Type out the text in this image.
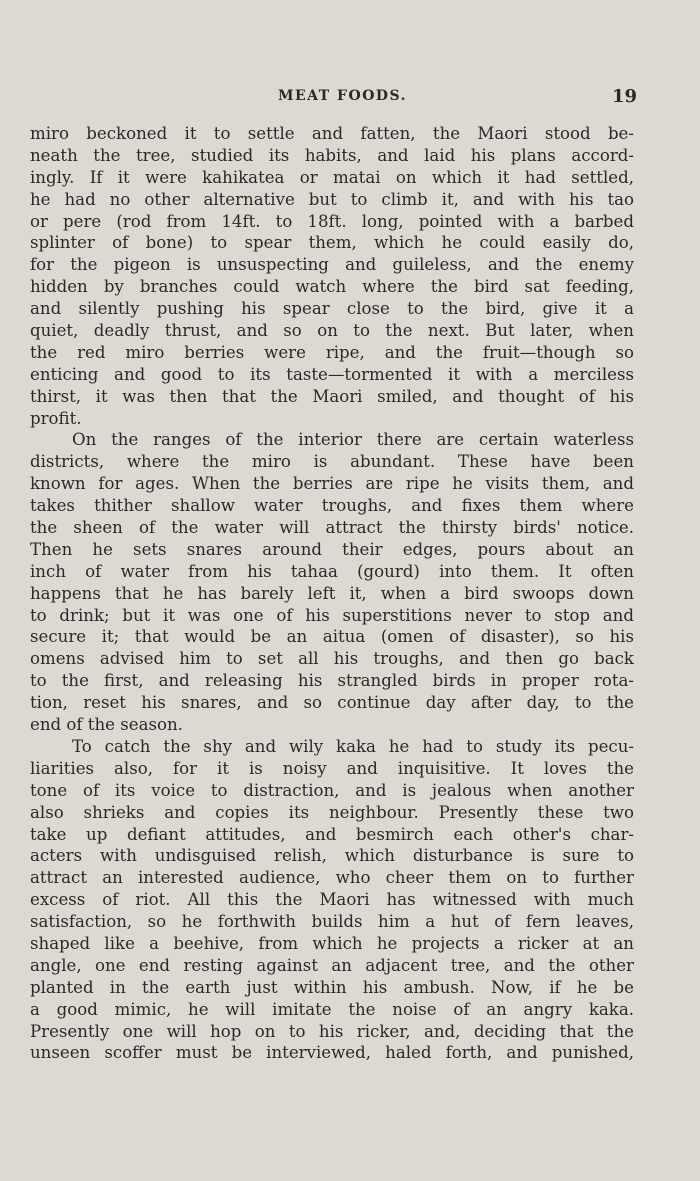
MEAT FOODS.	19
miro beckoned it to settle and fatten, the Maori stood be-
neath the tree, studied its habits, and laid his plans accord-
ingly. If it were kahikatea or matai on which it had settled,
he had no other alternative but to climb it, and with his tao
or pere (rod from 14ft. to 18ft. long, pointed with a barbed
splinter of bone) to spear them, which he could easily do,
for the pigeon is unsuspecting and guileless, and the enemy
hidden by branches could watch where the bird sat feeding,
and silently pushing his spear close to the bird, give it a
quiet, deadly thrust, and so on to the next. But later, when
the red miro berries were ripe, and the fruit—though so
enticing and good to its taste—tormented it with a merciless
thirst, it was then that the Maori smiled, and thought of his
profit.
On the ranges of the interior there are certain waterless
districts, where the miro is abundant. These have been
known for ages. When the berries are ripe he visits them, and
takes thither shallow water troughs, and fixes them where
the sheen of the water will attract the thirsty birds' notice.
Then he sets snares around their edges, pours about an
inch of water from his tahaa (gourd) into them. It often
happens that he has barely left it, when a bird swoops down
to drink; but it was one of his superstitions never to stop and
secure it; that would be an aitua (omen of disaster), so his
omens advised him to set all his troughs, and then go back
to the first, and releasing his strangled birds in proper rota-
tion, reset his snares, and so continue day after day, to the
end of the season.
To catch the shy and wily kaka he had to study its pecu-
liarities also, for it is noisy and inquisitive. It loves the
tone of its voice to distraction, and is jealous when another
also shrieks and copies its neighbour. Presently these two
take up defiant attitudes, and besmirch each other's char-
acters with undisguised relish, which disturbance is sure to
attract an interested audience, who cheer them on to further
excess of riot. All this the Maori has witnessed with much
satisfaction, so he forthwith builds him a hut of fern leaves,
shaped like a beehive, from which he projects a ricker at an
angle, one end resting against an adjacent tree, and the other
planted in the earth just within his ambush. Now, if he be
a good mimic, he will imitate the noise of an angry kaka.
Presently one will hop on to his ricker, and, deciding that the
unseen scoffer must be interviewed, haled forth, and punished,
